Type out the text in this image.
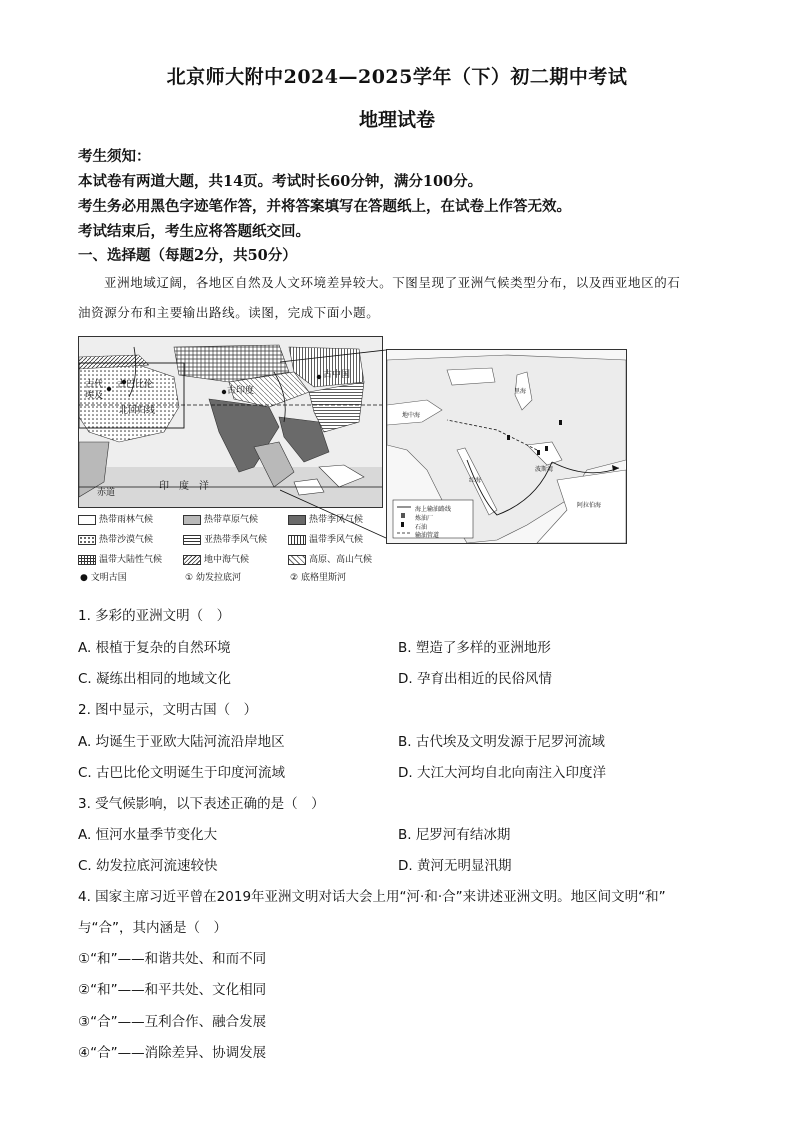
北京师大附中2024—2025学年（下）初二期中考试
地理试卷
考生须知：
本试卷有两道大题，共14页。考试时长60分钟，满分100分。
考生务必用黑色字迹笔作答，并将答案填写在答题纸上，在试卷上作答无效。
考试结束后，考生应将答题纸交回。
一、选择题（每题2分，共50分）
亚洲地域辽阔，各地区自然及人文环境差异较大。下图呈现了亚洲气候类型分布，以及西亚地区的石
油资源分布和主要输出路线。读图，完成下面小题。
古代
埃及
古巴比伦
北回归线
古印度
古中国
赤道
印　度　洋
地中海
里海
波斯湾
红海
阿拉伯海
海上输油路线
炼油厂
石油
输油管道
热带雨林气候	热带草原气候	热带季风气候
热带沙漠气候	亚热带季风气候	温带季风气候
温带大陆性气候	地中海气候	高原、高山气候
● 文明古国	① 幼发拉底河	② 底格里斯河
1. 多彩的亚洲文明（　）
A. 根植于复杂的自然环境	B. 塑造了多样的亚洲地形
C. 凝练出相同的地域文化	D. 孕育出相近的民俗风情
2. 图中显示，文明古国（　）
A. 均诞生于亚欧大陆河流沿岸地区	B. 古代埃及文明发源于尼罗河流域
C. 古巴比伦文明诞生于印度河流域	D. 大江大河均自北向南注入印度洋
3. 受气候影响，以下表述正确的是（　）
A. 恒河水量季节变化大	B. 尼罗河有结冰期
C. 幼发拉底河流速较快	D. 黄河无明显汛期
4. 国家主席习近平曾在2019年亚洲文明对话大会上用“河·和·合”来讲述亚洲文明。地区间文明“和”
与“合”，其内涵是（　）
①“和”——和谐共处、和而不同
②“和”——和平共处、文化相同
③“合”——互利合作、融合发展
④“合”——消除差异、协调发展
